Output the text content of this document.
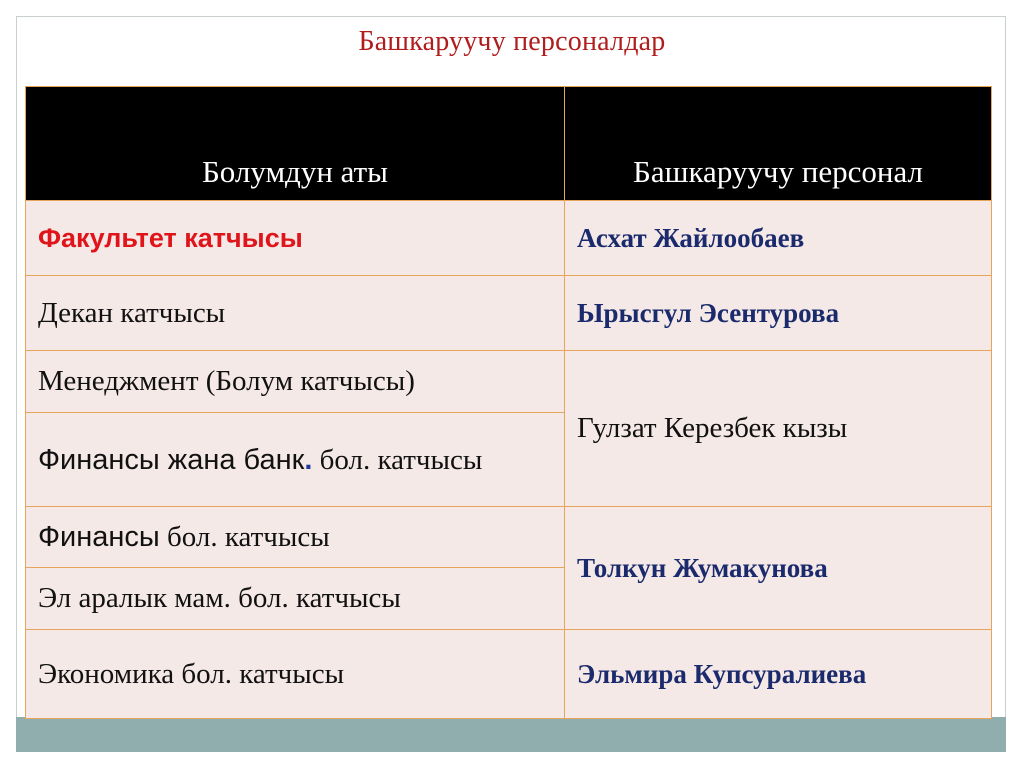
Башкаруучу персоналдар
Болумдун аты	Башкаруучу персонал
Факультет катчысы	Асхат Жайлообаев
Декан катчысы	Ырысгул Эсентурова
Менеджмент (Болум катчысы)	Гулзат Керезбек кызы
Финансы жана банк. бол. катчысы	
Финансы бол. катчысы	Толкун Жумакунова
Эл аралык мам. бол. катчысы	
Экономика бол. катчысы	Эльмира Купсуралиева
